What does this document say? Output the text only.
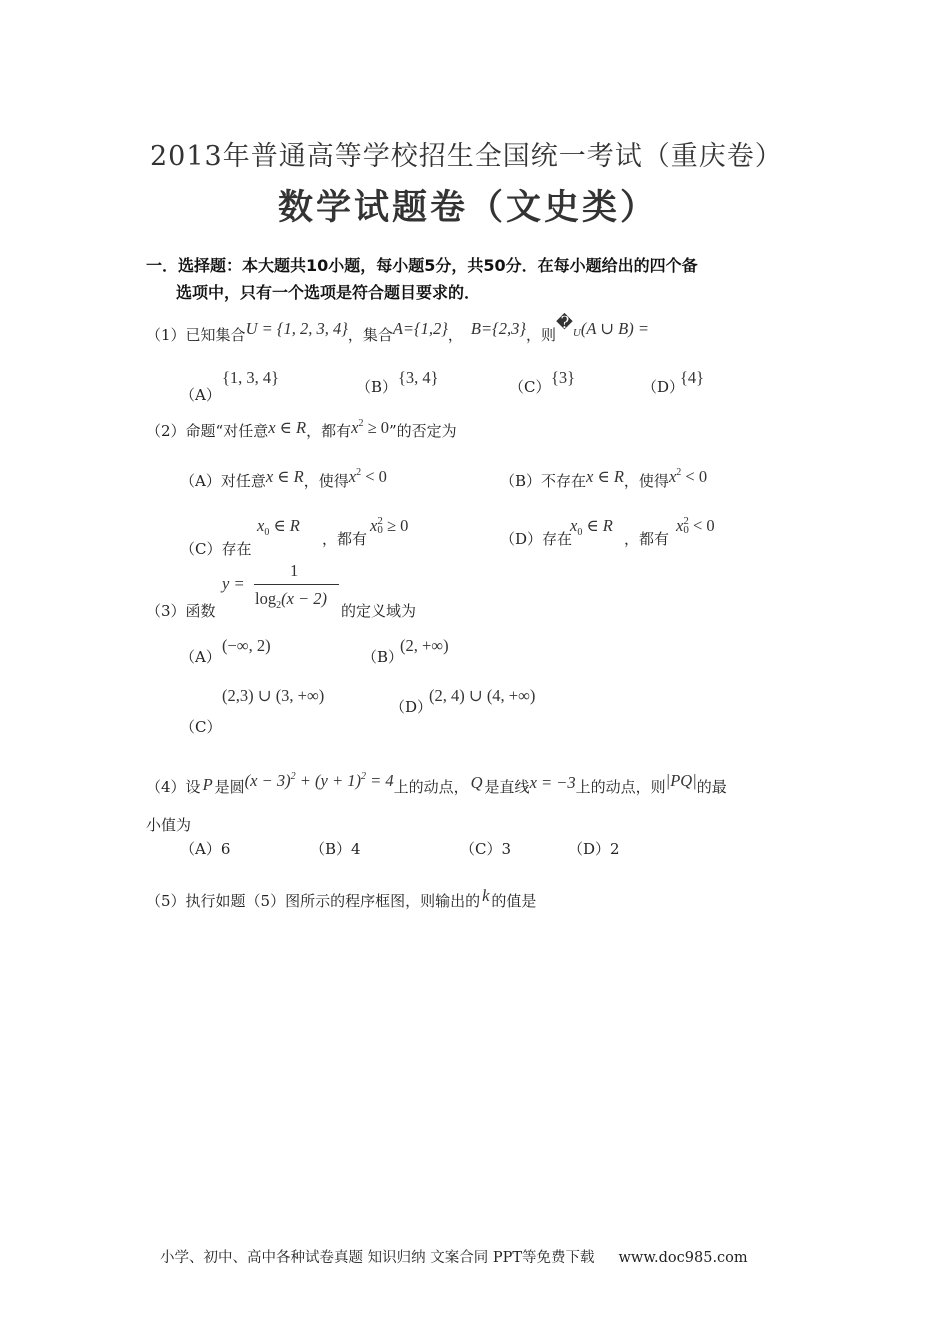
2013年普通高等学校招生全国统一考试（重庆卷）
数学试题卷（文史类）
一．选择题：本大题共10小题，每小题5分，共50分．在每小题给出的四个备
选项中，只有一个选项是符合题目要求的．
（1）已知集合U = {1, 2, 3, 4}，集合A={1,2}， B={2,3}，则�$^U$(A ∪ B) =
（A）
{1, 3, 4}	（B） {3, 4}	（C） {3}	（D）
{4}
（2）命题“对任意x ∈ R，都有$x^2 \ge 0$”的否定为
（A）对任意x ∈ R，使得$x^2 < 0$	（B）不存在x ∈ R，使得$x^2 < 0$
（C）存在
$x_0$ ∈ R
，都有
x 2
0 ≥ 0
（D）存在
$x_0$ ∈ R
，都有
x 2
0 < 0
y =
1
$\log_2(x - 2)$
（3）函数	的定义域为
（A）
(−∞, 2)
（B）
(2, +∞)
(2,3) ∪ (3, +∞)
（D）
(2, 4) ∪ (4, +∞)
（C）
（4）设 P 是圆$(x - 3)^2 + (y + 1)^2 = 4$上的动点， Q 是直线x = −3上的动点，则|PQ|的最
小值为
（A）6	（B）4	（C）3	（D）2
（5）执行如题（5）图所示的程序框图，则输出的 k 的值是
小学、初中、高中各种试卷真题 知识归纳 文案合同 PPT等免费下载 www.doc985.com
